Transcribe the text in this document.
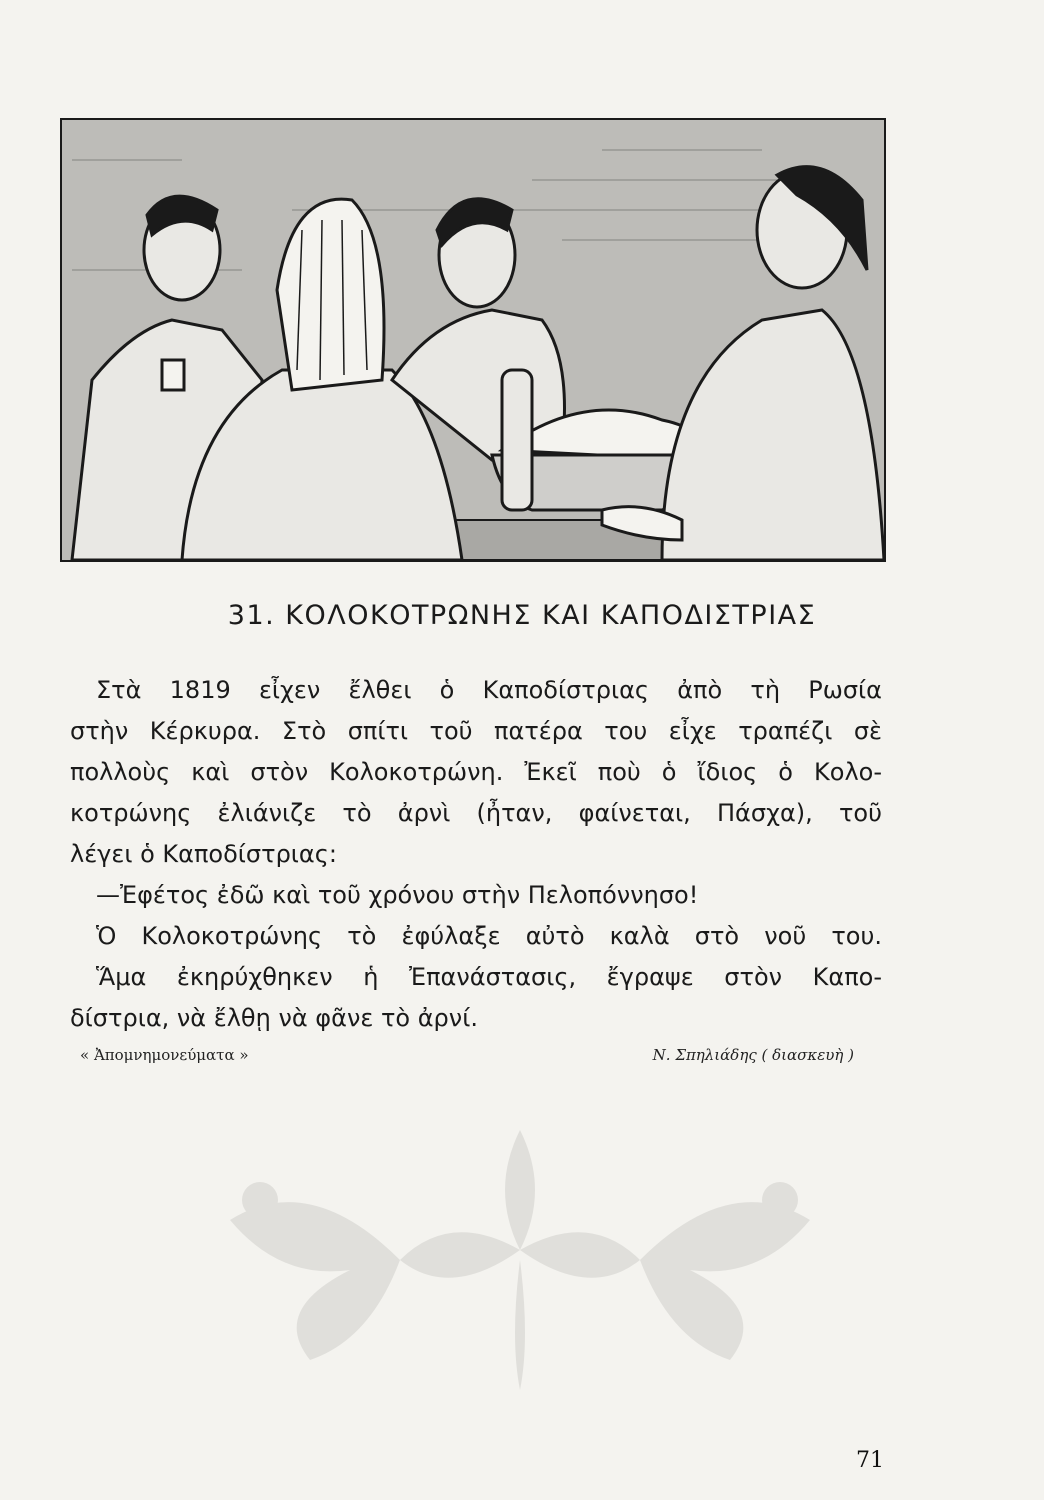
31. ΚΟΛΟΚΟΤΡΩΝΗΣ ΚΑΙ ΚΑΠΟΔΙΣΤΡΙΑΣ
Στὰ 1819 εἶχεν ἔλθει ὁ Καποδίστριας ἀπὸ τὴ Ρωσία
στὴν Κέρκυρα. Στὸ σπίτι τοῦ πατέρα του εἶχε τραπέζι σὲ
πολλοὺς καὶ στὸν Κολοκοτρώνη. Ἐκεῖ ποὺ ὁ ἴδιος ὁ Κολο-
κοτρώνης ἐλιάνιζε τὸ ἀρνὶ (ἦταν, φαίνεται, Πάσχα), τοῦ
λέγει ὁ Καποδίστριας:
—Ἐφέτος ἐδῶ καὶ τοῦ χρόνου στὴν Πελοπόννησο!
Ὁ Κολοκοτρώνης τὸ ἐφύλαξε αὐτὸ καλὰ στὸ νοῦ του.
Ἅμα ἐκηρύχθηκεν ἡ Ἐπανάστασις, ἔγραψε στὸν Καπο-
δίστρια, νὰ ἔλθῃ νὰ φᾶνε τὸ ἀρνί.
« Ἀπομνημονεύματα »	Ν. Σπηλιάδης ( διασκευὴ )
71
